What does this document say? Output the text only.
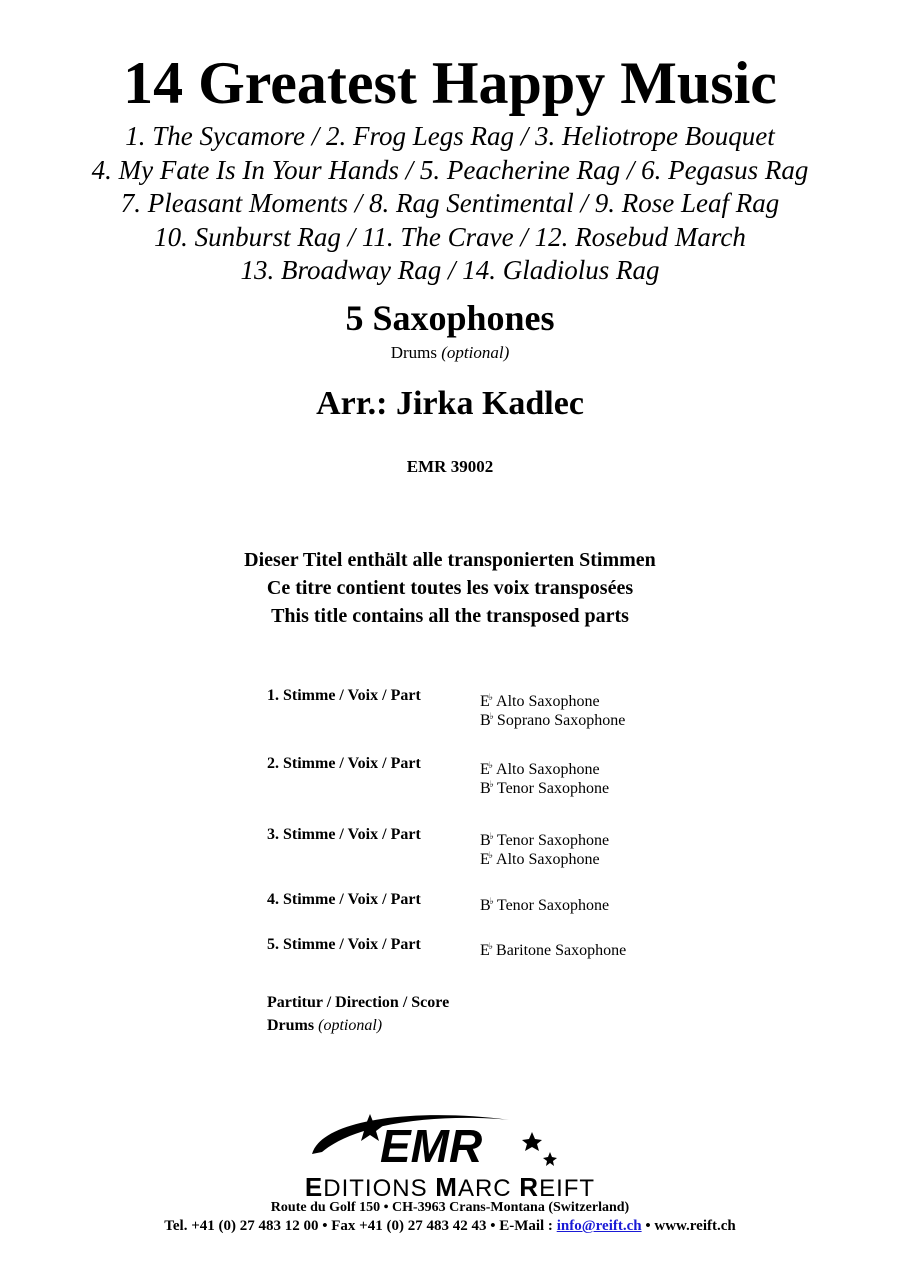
14 Greatest Happy Music
1. The Sycamore / 2. Frog Legs Rag / 3. Heliotrope Bouquet
4. My Fate Is In Your Hands / 5. Peacherine Rag / 6. Pegasus Rag
7. Pleasant Moments / 8. Rag Sentimental / 9. Rose Leaf Rag
10. Sunburst Rag / 11. The Crave / 12. Rosebud March
13. Broadway Rag / 14. Gladiolus Rag
5 Saxophones
Drums (optional)
Arr.: Jirka Kadlec
EMR 39002
Dieser Titel enthält alle transponierten Stimmen
Ce titre contient toutes les voix transposées
This title contains all the transposed parts
1. Stimme / Voix / Part	E♭ Alto Saxophone
B♭ Soprano Saxophone
2. Stimme / Voix / Part	E♭ Alto Saxophone
B♭ Tenor Saxophone
3. Stimme / Voix / Part	B♭ Tenor Saxophone
E♭ Alto Saxophone
4. Stimme / Voix / Part	B♭ Tenor Saxophone
5. Stimme / Voix / Part	E♭ Baritone Saxophone
Partitur / Direction / Score
Drums (optional)
EMR
EDITIONS MARC REIFT
Route du Golf 150 • CH-3963 Crans-Montana (Switzerland)
Tel. +41 (0) 27 483 12 00 • Fax +41 (0) 27 483 42 43 • E-Mail : info@reift.ch • www.reift.ch
